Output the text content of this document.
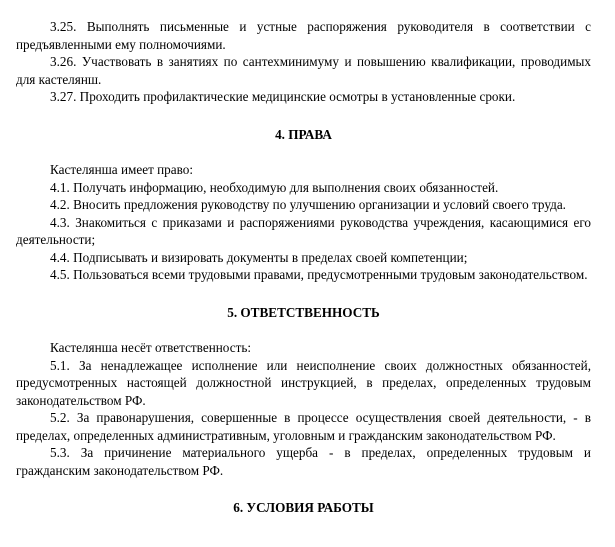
3.25. Выполнять письменные и устные распоряжения руководителя в соответствии с предъявленными ему полномочиями.

3.26. Участвовать в занятиях по сантехминимуму и повышению квалификации, проводимых для кастелянш.

3.27. Проходить профилактические медицинские осмотры в установленные сроки.

4. ПРАВА

Кастелянша имеет право:

4.1. Получать информацию, необходимую для выполнения своих обязанностей.

4.2. Вносить предложения руководству по улучшению организации и условий своего труда.

4.3. Знакомиться с приказами и распоряжениями руководства учреждения, касающимися его деятельности;

4.4. Подписывать и визировать документы в пределах своей компетенции;

4.5. Пользоваться всеми трудовыми правами, предусмотренными трудовым законодательством.

5. ОТВЕТСТВЕННОСТЬ

Кастелянша несёт ответственность:

5.1. За ненадлежащее исполнение или неисполнение своих должностных обязанностей, предусмотренных настоящей должностной инструкцией, в пределах, определенных трудовым законодательством РФ.

5.2. За правонарушения, совершенные в процессе осуществления своей деятельности, - в пределах, определенных административным, уголовным и гражданским законодательством РФ.

5.3. За причинение материального ущерба - в пределах, определенных трудовым и гражданским законодательством РФ.

6. УСЛОВИЯ РАБОТЫ
